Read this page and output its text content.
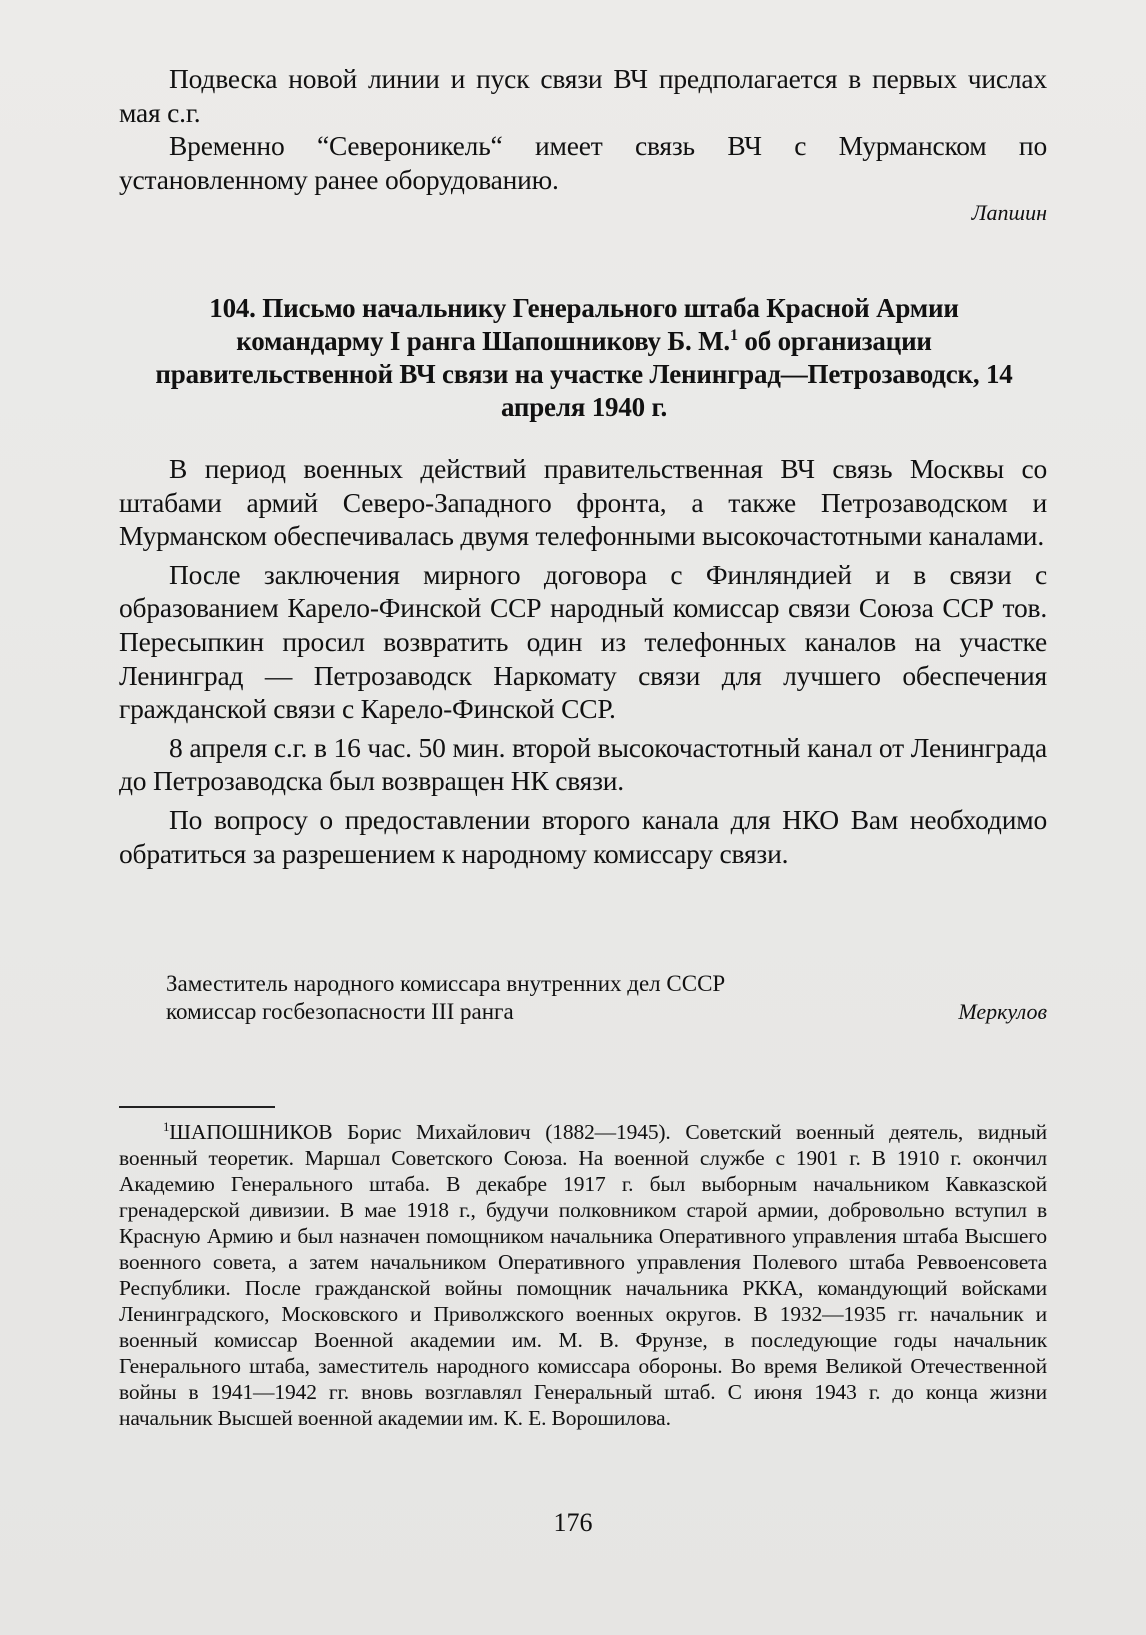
Подвеска новой линии и пуск связи ВЧ предполагается в первых числах мая с.г.

Временно “Североникель“ имеет связь ВЧ с Мурманском по установленному ранее оборудованию.

Лапшин

104. Письмо начальнику Генерального штаба Красной Армии командарму I ранга Шапошникову Б. М.$^1$ об организации правительственной ВЧ связи на участке Ленинград—Петрозаводск, 14 апреля 1940 г.

В период военных действий правительственная ВЧ связь Москвы со штабами армий Северо-Западного фронта, а также Петрозаводском и Мурманском обеспечивалась двумя телефонными высокочастотными каналами.

После заключения мирного договора с Финляндией и в связи с образованием Карело-Финской ССР народный комиссар связи Союза ССР тов. Пересыпкин просил возвратить один из телефонных каналов на участке Ленинград — Петрозаводск Наркомату связи для лучшего обеспечения гражданской связи с Карело-Финской ССР.

8 апреля с.г. в 16 час. 50 мин. второй высокочастотный канал от Ленинграда до Петрозаводска был возвращен НК связи.

По вопросу о предоставлении второго канала для НКО Вам необходимо обратиться за разрешением к народному комиссару связи.

Заместитель народного комиссара внутренних дел СССР
комиссар госбезопасности III ранга	Меркулов

$^1$ШАПОШНИКОВ Борис Михайлович (1882—1945). Советский военный деятель, видный военный теоретик. Маршал Советского Союза. На военной службе с 1901 г. В 1910 г. окончил Академию Генерального штаба. В декабре 1917 г. был выборным начальником Кавказской гренадерской дивизии. В мае 1918 г., будучи полковником старой армии, добровольно вступил в Красную Армию и был назначен помощником начальника Оперативного управления штаба Высшего военного совета, а затем начальником Оперативного управления Полевого штаба Реввоенсовета Республики. После гражданской войны помощник начальника РККА, командующий войсками Ленинградского, Московского и Приволжского военных округов. В 1932—1935 гг. начальник и военный комиссар Военной академии им. М. В. Фрунзе, в последующие годы начальник Генерального штаба, заместитель народного комиссара обороны. Во время Великой Отечественной войны в 1941—1942 гг. вновь возглавлял Генеральный штаб. С июня 1943 г. до конца жизни начальник Высшей военной академии им. К. Е. Ворошилова.

176
